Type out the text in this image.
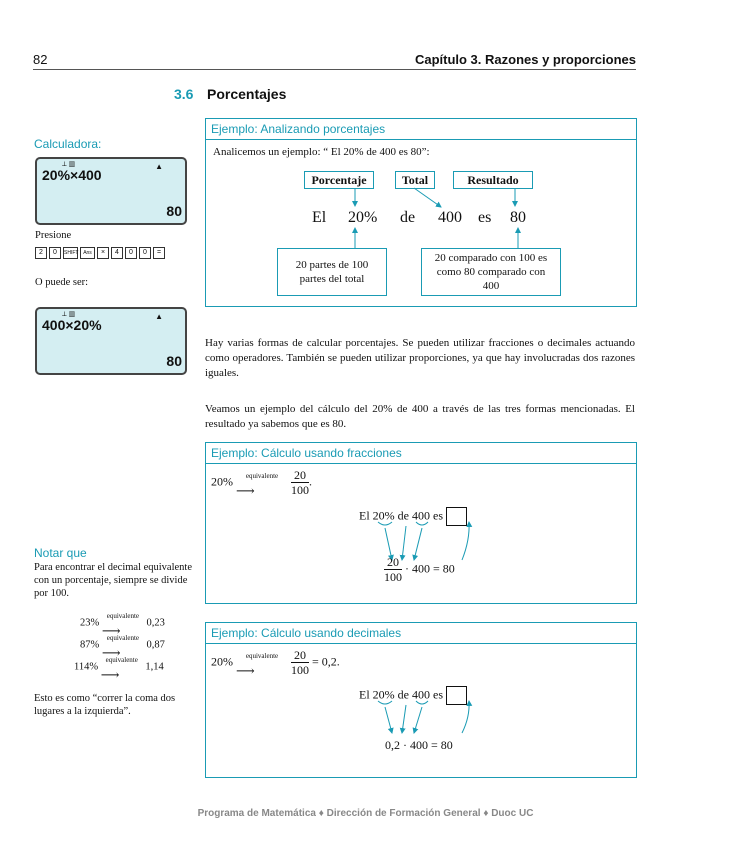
82	Capítulo 3. Razones y proporciones
3.6 Porcentajes
Calculadora:
⟂ ▥	▲
20%×400
80
Presione
2 0 SHIFT Ans × 4 0 0 =
O puede ser:
⟂ ▥	▲
400×20%
80
Notar que
Para encontrar el decimal equivalente con un porcentaje, siempre se divide por 100.
23%
equivalente
⟶
0,23
87%
equivalente
⟶
0,87
114%
equivalente
⟶
1,14
Esto es como “correr la coma dos lugares a la izquierda”.
Ejemplo: Analizando porcentajes
Analicemos un ejemplo: “ El 20% de 400 es 80”:
Porcentaje	Total	Resultado
El 20% de 400 es 80
20 partes de 100 partes del total
20 comparado con 100 es como 80 comparado con 400
Hay varias formas de calcular porcentajes. Se pueden utilizar fracciones o decimales actuando como operadores. También se pueden utilizar proporciones, ya que hay involucradas dos razones iguales.
Veamos un ejemplo del cálculo del 20% de 400 a través de las tres formas mencionadas. El resultado ya sabemos que es 80.
Ejemplo: Cálculo usando fracciones
20%	equivalente
⟶
	$\frac{20}{100}$ .
El 20% de 400 es
$\frac{20}{100} \cdot 400 = 80$
Ejemplo: Cálculo usando decimales
20%	equivalente
⟶
	$\frac{20}{100} = 0,2$.
El 20% de 400 es
0,2 · 400 = 80
Programa de Matemática ♦ Dirección de Formación General ♦ Duoc UC
